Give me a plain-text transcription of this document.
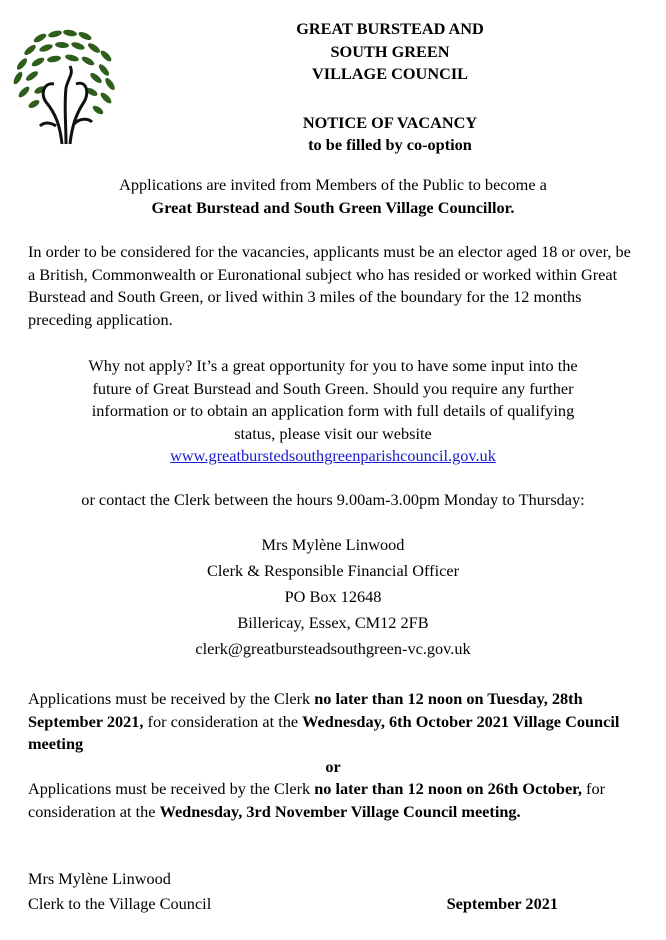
GREAT BURSTEAD AND
SOUTH GREEN
VILLAGE COUNCIL
NOTICE OF VACANCY
to be filled by co-option
Applications are invited from Members of the Public to become a
Great Burstead and South Green Village Councillor.
In order to be considered for the vacancies, applicants must be an elector aged 18 or over, be a British, Commonwealth or Euronational subject who has resided or worked within Great Burstead and South Green, or lived within 3 miles of the boundary for the 12 months preceding application.
Why not apply? It’s a great opportunity for you to have some input into the
future of Great Burstead and South Green. Should you require any further
information or to obtain an application form with full details of qualifying
status, please visit our website
www.greatburstedsouthgreenparishcouncil.gov.uk
or contact the Clerk between the hours 9.00am-3.00pm Monday to Thursday:
Mrs Mylène Linwood
Clerk & Responsible Financial Officer
PO Box 12648
Billericay, Essex, CM12 2FB
clerk@greatbursteadsouthgreen-vc.gov.uk
Applications must be received by the Clerk no later than 12 noon on Tuesday, 28th September 2021, for consideration at the Wednesday, 6th October 2021 Village Council meeting
or
Applications must be received by the Clerk no later than 12 noon on 26th October, for consideration at the Wednesday, 3rd November Village Council meeting.
Mrs Mylène Linwood
Clerk to the Village Council	September 2021
